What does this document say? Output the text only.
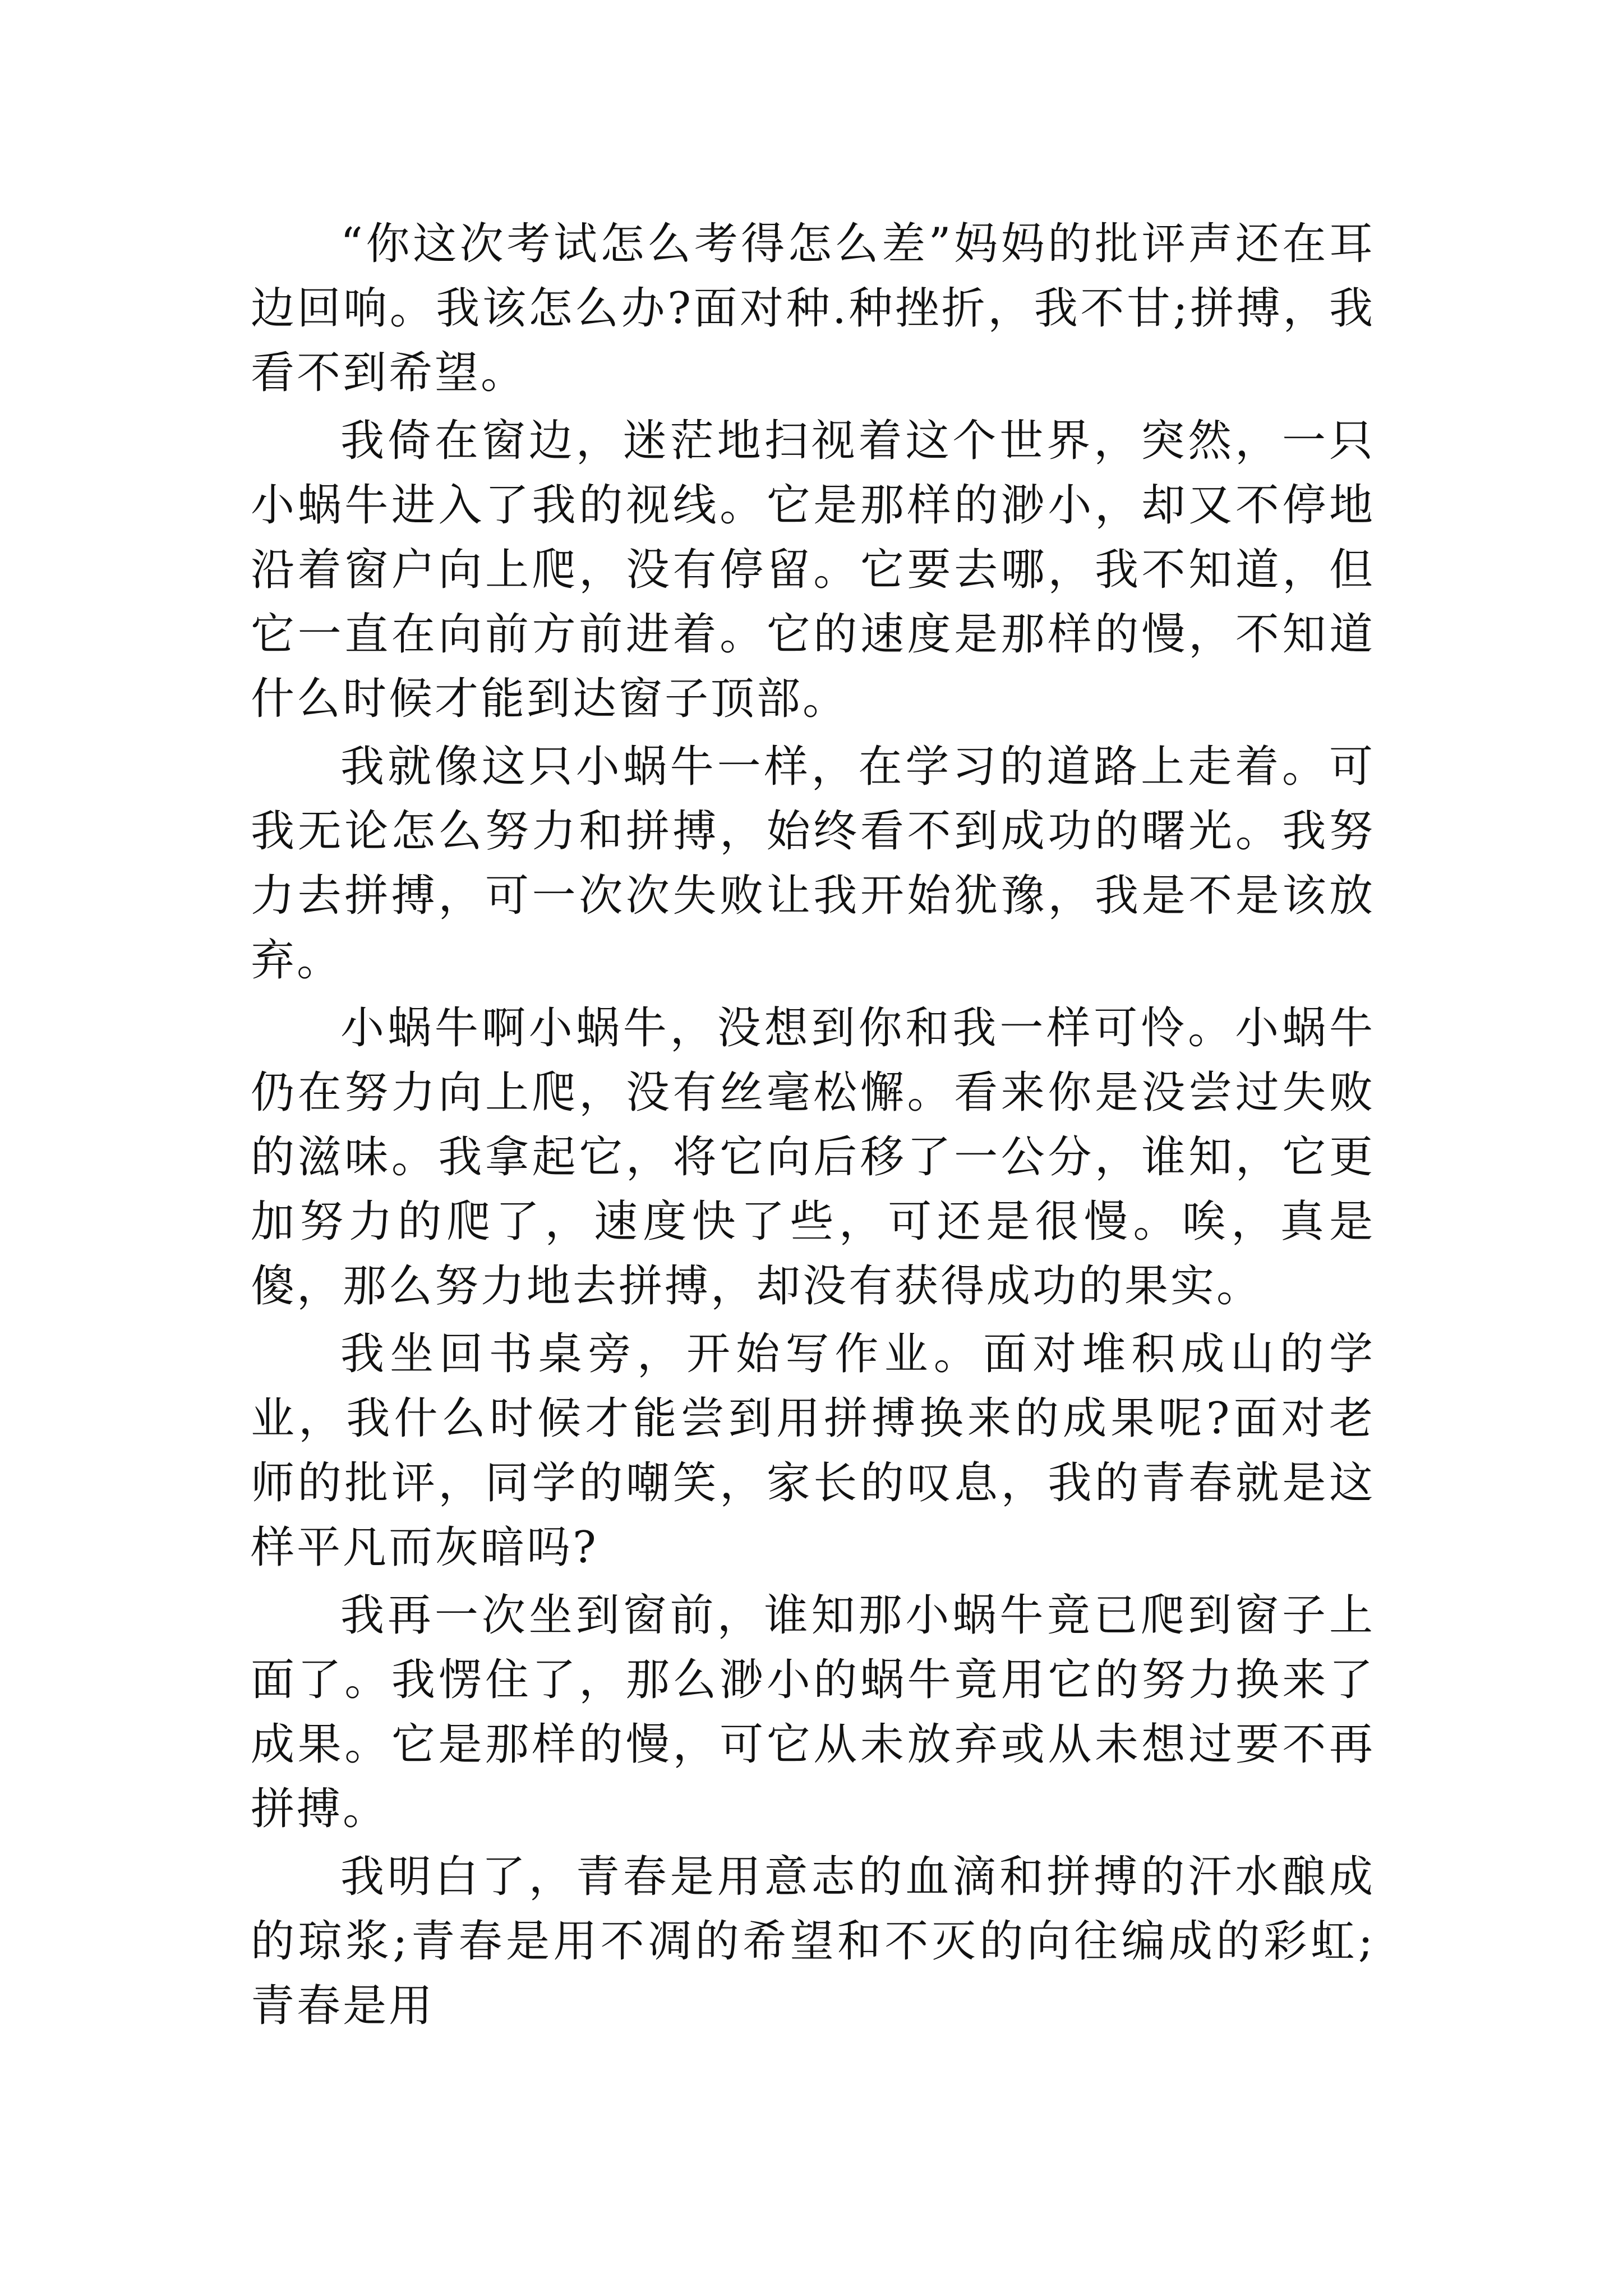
“你这次考试怎么考得怎么差”妈妈的批评声还在耳边回响。我该怎么办?面对种.种挫折，我不甘;拼搏，我看不到希望。

我倚在窗边，迷茫地扫视着这个世界，突然，一只小蜗牛进入了我的视线。它是那样的渺小，却又不停地沿着窗户向上爬，没有停留。它要去哪，我不知道，但它一直在向前方前进着。它的速度是那样的慢，不知道什么时候才能到达窗子顶部。

我就像这只小蜗牛一样，在学习的道路上走着。可我无论怎么努力和拼搏，始终看不到成功的曙光。我努力去拼搏，可一次次失败让我开始犹豫，我是不是该放弃。

小蜗牛啊小蜗牛，没想到你和我一样可怜。小蜗牛仍在努力向上爬，没有丝毫松懈。看来你是没尝过失败的滋味。我拿起它，将它向后移了一公分，谁知，它更加努力的爬了，速度快了些，可还是很慢。唉，真是傻，那么努力地去拼搏，却没有获得成功的果实。

我坐回书桌旁，开始写作业。面对堆积成山的学业，我什么时候才能尝到用拼搏换来的成果呢?面对老师的批评，同学的嘲笑，家长的叹息，我的青春就是这样平凡而灰暗吗?

我再一次坐到窗前，谁知那小蜗牛竟已爬到窗子上面了。我愣住了，那么渺小的蜗牛竟用它的努力换来了成果。它是那样的慢，可它从未放弃或从未想过要不再拼搏。

我明白了，青春是用意志的血滴和拼搏的汗水酿成的琼浆;青春是用不凋的希望和不灭的向往编成的彩虹;青春是用
